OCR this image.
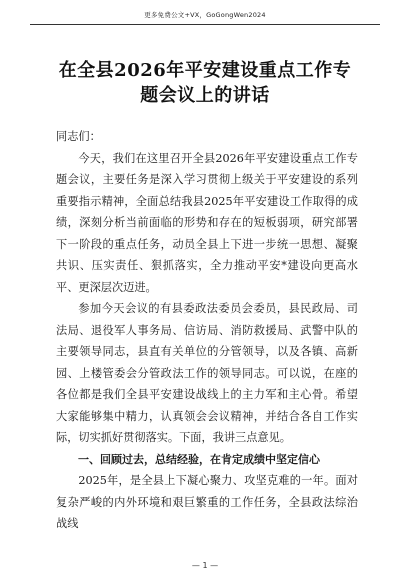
更多免费公文+VX，GoGongWen2024
在全县2026年平安建设重点工作专题会议上的讲话

同志们：

今天，我们在这里召开全县2026年平安建设重点工作专题会议，主要任务是深入学习贯彻上级关于平安建设的系列重要指示精神，全面总结我县2025年平安建设工作取得的成绩，深刻分析当前面临的形势和存在的短板弱项，研究部署下一阶段的重点任务，动员全县上下进一步统一思想、凝聚共识、压实责任、狠抓落实，全力推动平安*建设向更高水平、更深层次迈进。

参加今天会议的有县委政法委员会委员，县民政局、司法局、退役军人事务局、信访局、消防救援局、武警中队的主要领导同志，县直有关单位的分管领导，以及各镇、高新园、上楼管委会分管政法工作的领导同志。可以说，在座的各位都是我们全县平安建设战线上的主力军和主心骨。希望大家能够集中精力，认真领会会议精神，并结合各自工作实际，切实抓好贯彻落实。下面，我讲三点意见。

一、回顾过去，总结经验，在肯定成绩中坚定信心

2025年，是全县上下凝心聚力、攻坚克难的一年。面对复杂严峻的内外环境和艰巨繁重的工作任务，全县政法综治战线

— 1 —
